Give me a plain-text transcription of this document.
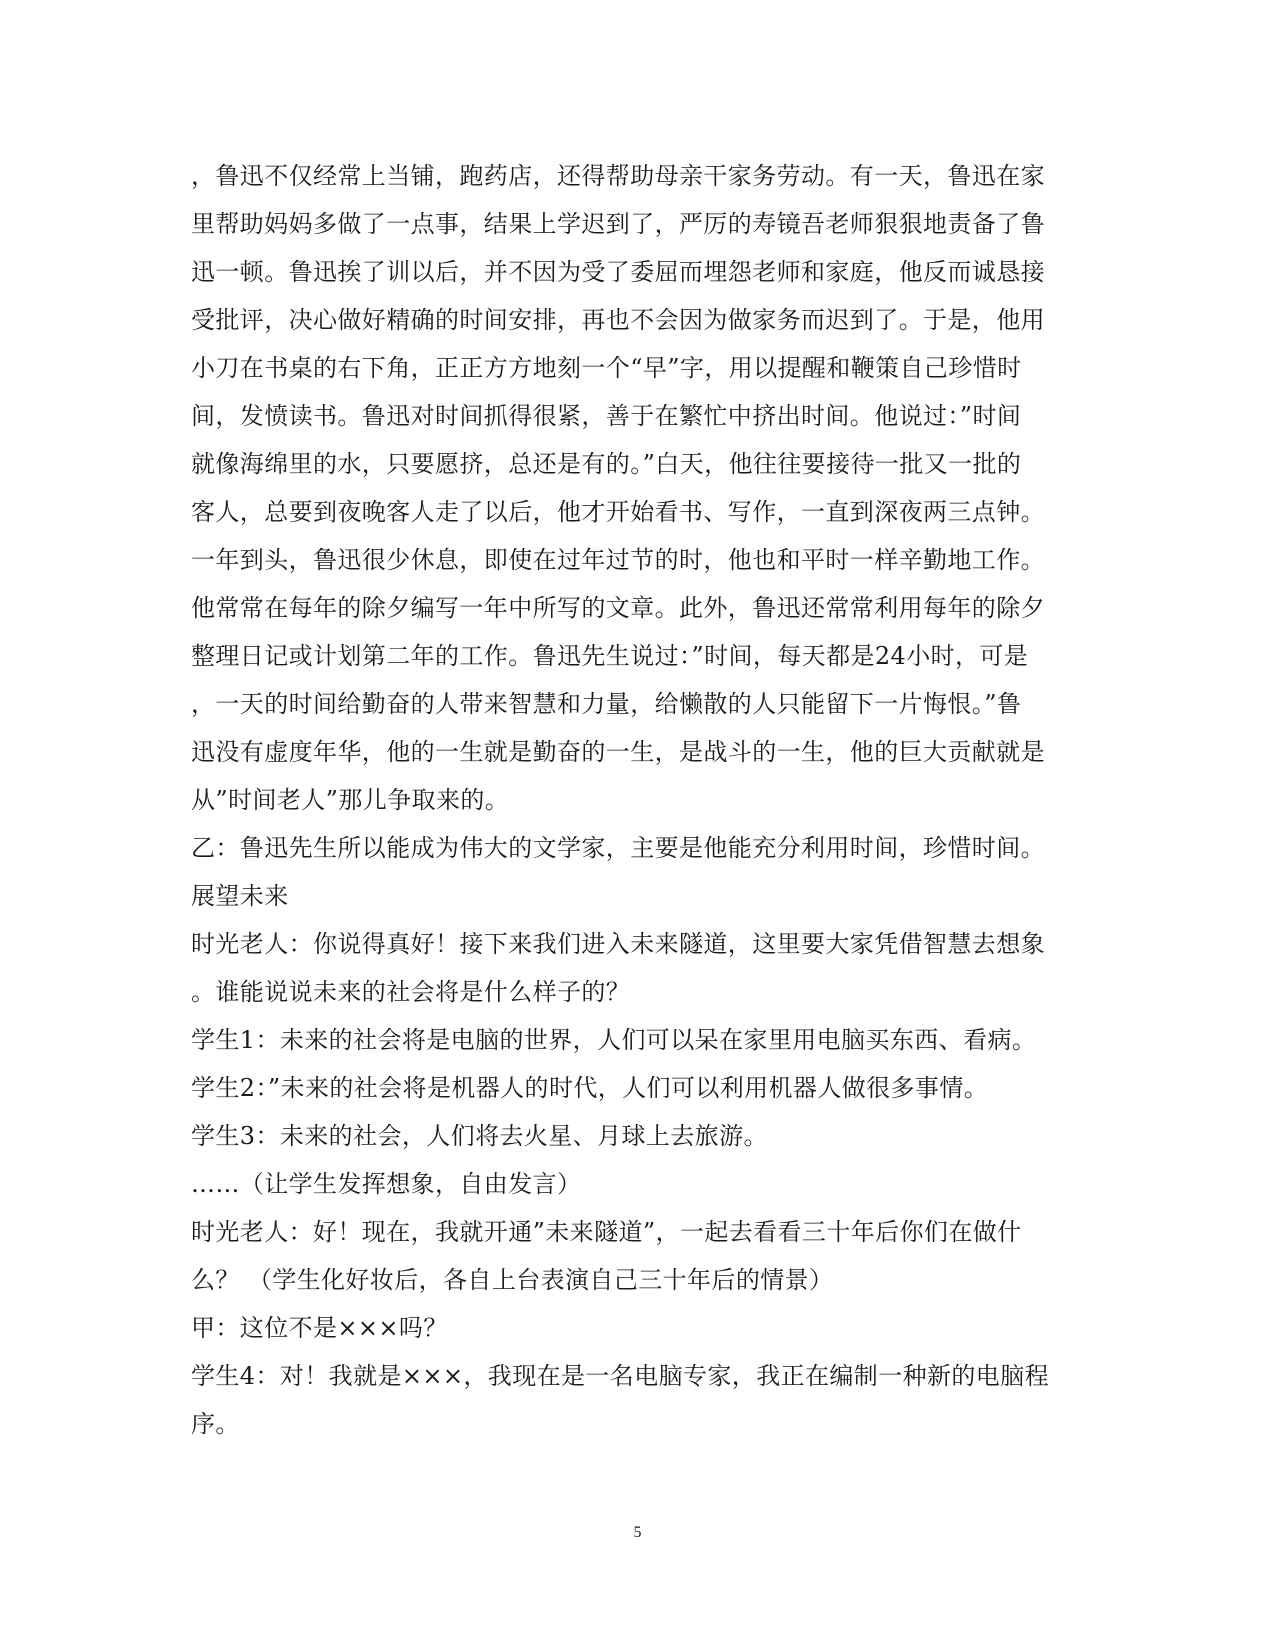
，鲁迅不仅经常上当铺，跑药店，还得帮助母亲干家务劳动。有一天，鲁迅在家
里帮助妈妈多做了一点事，结果上学迟到了，严厉的寿镜吾老师狠狠地责备了鲁
迅一顿。鲁迅挨了训以后，并不因为受了委屈而埋怨老师和家庭，他反而诚恳接
受批评，决心做好精确的时间安排，再也不会因为做家务而迟到了。于是，他用
小刀在书桌的右下角，正正方方地刻一个“早”字，用以提醒和鞭策自己珍惜时
间，发愤读书。鲁迅对时间抓得很紧，善于在繁忙中挤出时间。他说过：”时间
就像海绵里的水，只要愿挤，总还是有的。”白天，他往往要接待一批又一批的
客人，总要到夜晚客人走了以后，他才开始看书、写作，一直到深夜两三点钟。
一年到头，鲁迅很少休息，即使在过年过节的时，他也和平时一样辛勤地工作。
他常常在每年的除夕编写一年中所写的文章。此外，鲁迅还常常利用每年的除夕
整理日记或计划第二年的工作。鲁迅先生说过：”时间，每天都是24小时，可是
，一天的时间给勤奋的人带来智慧和力量，给懒散的人只能留下一片悔恨。”鲁
迅没有虚度年华，他的一生就是勤奋的一生，是战斗的一生，他的巨大贡献就是
从”时间老人”那儿争取来的。
乙：鲁迅先生所以能成为伟大的文学家，主要是他能充分利用时间，珍惜时间。
展望未来
时光老人：你说得真好！接下来我们进入未来隧道，这里要大家凭借智慧去想象
。谁能说说未来的社会将是什么样子的？
学生1：未来的社会将是电脑的世界，人们可以呆在家里用电脑买东西、看病。
学生2：”未来的社会将是机器人的时代，人们可以利用机器人做很多事情。
学生3：未来的社会，人们将去火星、月球上去旅游。
……（让学生发挥想象，自由发言）
时光老人：好！现在，我就开通”未来隧道”，一起去看看三十年后你们在做什
么？ （学生化好妆后，各自上台表演自己三十年后的情景）
甲：这位不是×××吗？
学生4：对！我就是×××，我现在是一名电脑专家，我正在编制一种新的电脑程
序。
5
